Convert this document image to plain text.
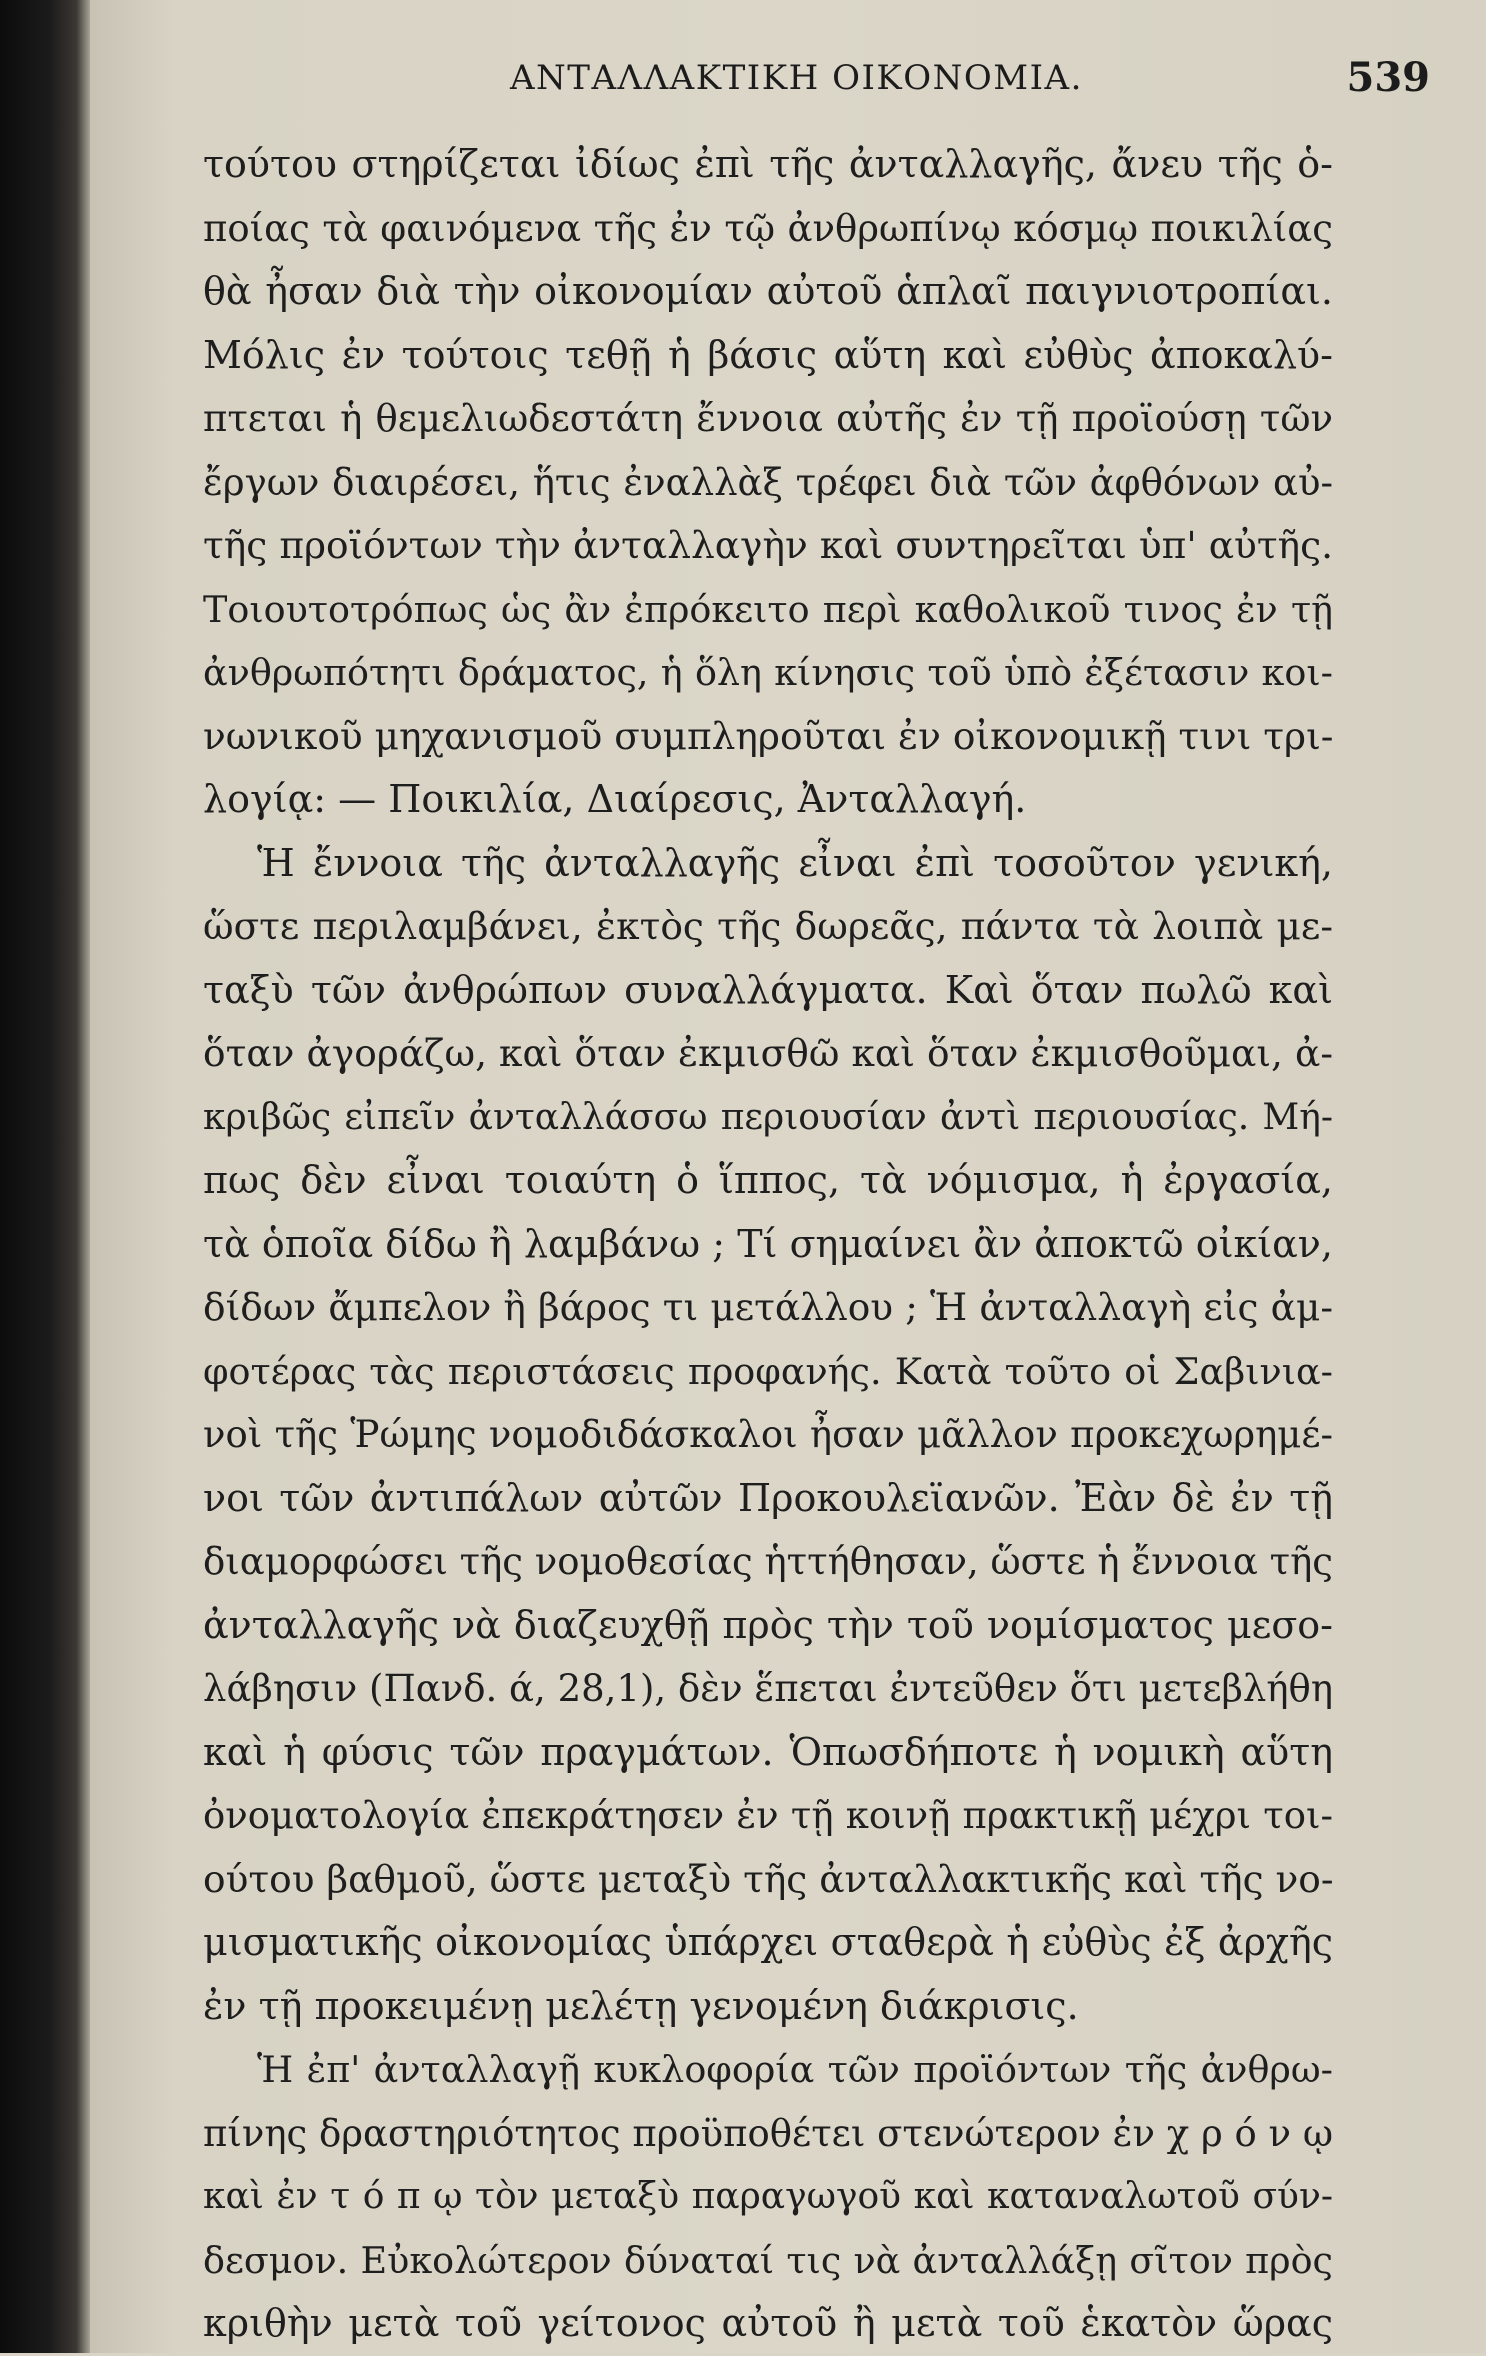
ΑΝΤΑΛΛΑΚΤΙΚΗ ΟΙΚΟΝΟΜΙΑ.	539
τούτου στηρίζεται ἰδίως ἐπὶ τῆς ἀνταλλαγῆς, ἄνευ τῆς ὁ-
ποίας τὰ φαινόμενα τῆς ἐν τῷ ἀνθρωπίνῳ κόσμῳ ποικιλίας
θὰ ἦσαν διὰ τὴν οἰκονομίαν αὐτοῦ ἁπλαῖ παιγνιοτροπίαι.
Μόλις ἐν τούτοις τεθῇ ἡ βάσις αὕτη καὶ εὐθὺς ἀποκαλύ-
πτεται ἡ θεμελιωδεστάτη ἔννοια αὐτῆς ἐν τῇ προϊούσῃ τῶν
ἔργων διαιρέσει, ἥτις ἐναλλὰξ τρέφει διὰ τῶν ἀφθόνων αὐ-
τῆς προϊόντων τὴν ἀνταλλαγὴν καὶ συντηρεῖται ὑπ' αὐτῆς.
Τοιουτοτρόπως ὡς ἂν ἐπρόκειτο περὶ καθολικοῦ τινος ἐν τῇ
ἀνθρωπότητι δράματος, ἡ ὅλη κίνησις τοῦ ὑπὸ ἐξέτασιν κοι-
νωνικοῦ μηχανισμοῦ συμπληροῦται ἐν οἰκονομικῇ τινι τρι-
λογίᾳ: — Ποικιλία, Διαίρεσις, Ἀνταλλαγή.
Ἡ ἔννοια τῆς ἀνταλλαγῆς εἶναι ἐπὶ τοσοῦτον γενική,
ὥστε περιλαμβάνει, ἐκτὸς τῆς δωρεᾶς, πάντα τὰ λοιπὰ με-
ταξὺ τῶν ἀνθρώπων συναλλάγματα. Καὶ ὅταν πωλῶ καὶ
ὅταν ἀγοράζω, καὶ ὅταν ἐκμισθῶ καὶ ὅταν ἐκμισθοῦμαι, ἀ-
κριβῶς εἰπεῖν ἀνταλλάσσω περιουσίαν ἀντὶ περιουσίας. Μή-
πως δὲν εἶναι τοιαύτη ὁ ἵππος, τὰ νόμισμα, ἡ ἐργασία,
τὰ ὁποῖα δίδω ἢ λαμβάνω ; Τί σημαίνει ἂν ἀποκτῶ οἰκίαν,
δίδων ἄμπελον ἢ βάρος τι μετάλλου ; Ἡ ἀνταλλαγὴ εἰς ἀμ-
φοτέρας τὰς περιστάσεις προφανής. Κατὰ τοῦτο οἱ Σαβινια-
νοὶ τῆς Ῥώμης νομοδιδάσκαλοι ἦσαν μᾶλλον προκεχωρημέ-
νοι τῶν ἀντιπάλων αὐτῶν Προκουλεϊανῶν. Ἐὰν δὲ ἐν τῇ
διαμορφώσει τῆς νομοθεσίας ἡττήθησαν, ὥστε ἡ ἔννοια τῆς
ἀνταλλαγῆς νὰ διαζευχθῇ πρὸς τὴν τοῦ νομίσματος μεσο-
λάβησιν (Πανδ. ά, 28,1), δὲν ἕπεται ἐντεῦθεν ὅτι μετεβλήθη
καὶ ἡ φύσις τῶν πραγμάτων. Ὁπωσδήποτε ἡ νομικὴ αὕτη
ὀνοματολογία ἐπεκράτησεν ἐν τῇ κοινῇ πρακτικῇ μέχρι τοι-
ούτου βαθμοῦ, ὥστε μεταξὺ τῆς ἀνταλλακτικῆς καὶ τῆς νο-
μισματικῆς οἰκονομίας ὑπάρχει σταθερὰ ἡ εὐθὺς ἐξ ἀρχῆς
ἐν τῇ προκειμένῃ μελέτῃ γενομένη διάκρισις.
Ἡ ἐπ' ἀνταλλαγῇ κυκλοφορία τῶν προϊόντων τῆς ἀνθρω-
πίνης δραστηριότητος προϋποθέτει στενώτερον ἐν χ ρ ό ν ῳ
καὶ ἐν τ ό π ῳ τὸν μεταξὺ παραγωγοῦ καὶ καταναλωτοῦ σύν-
δεσμον. Εὐκολώτερον δύναταί τις νὰ ἀνταλλάξῃ σῖτον πρὸς
κριθὴν μετὰ τοῦ γείτονος αὐτοῦ ἢ μετὰ τοῦ ἑκατὸν ὥρας
